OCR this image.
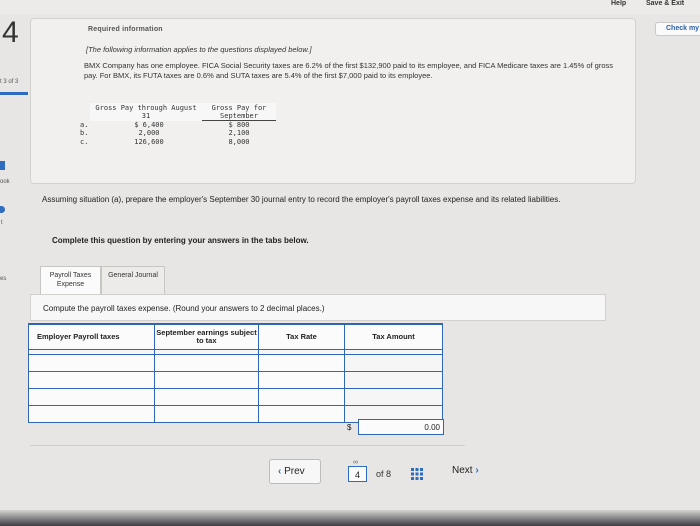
Help	Save & Exit
Check my
4
t 3 of 3
ook
t
es
Required information
[The following information applies to the questions displayed below.]
BMX Company has one employee. FICA Social Security taxes are 6.2% of the first $132,900 paid to its employee, and FICA Medicare taxes are 1.45% of gross pay. For BMX, its FUTA taxes are 0.6% and SUTA taxes are 5.4% of the first $7,000 paid to its employee.
	Gross Pay through August 31	Gross Pay for September
a.	$ 6,400	$ 800
b.	2,000	2,100
c.	126,600	8,000
Assuming situation (a), prepare the employer's September 30 journal entry to record the employer's payroll taxes expense and its related liabilities.
Complete this question by entering your answers in the tabs below.
Payroll Taxes Expense
General Journal
Compute the payroll taxes expense. (Round your answers to 2 decimal places.)
Employer Payroll taxes	September earnings subject to tax	Tax Rate	Tax Amount

$	0.00
‹ Prev
∞
4	of 8	Next ›
